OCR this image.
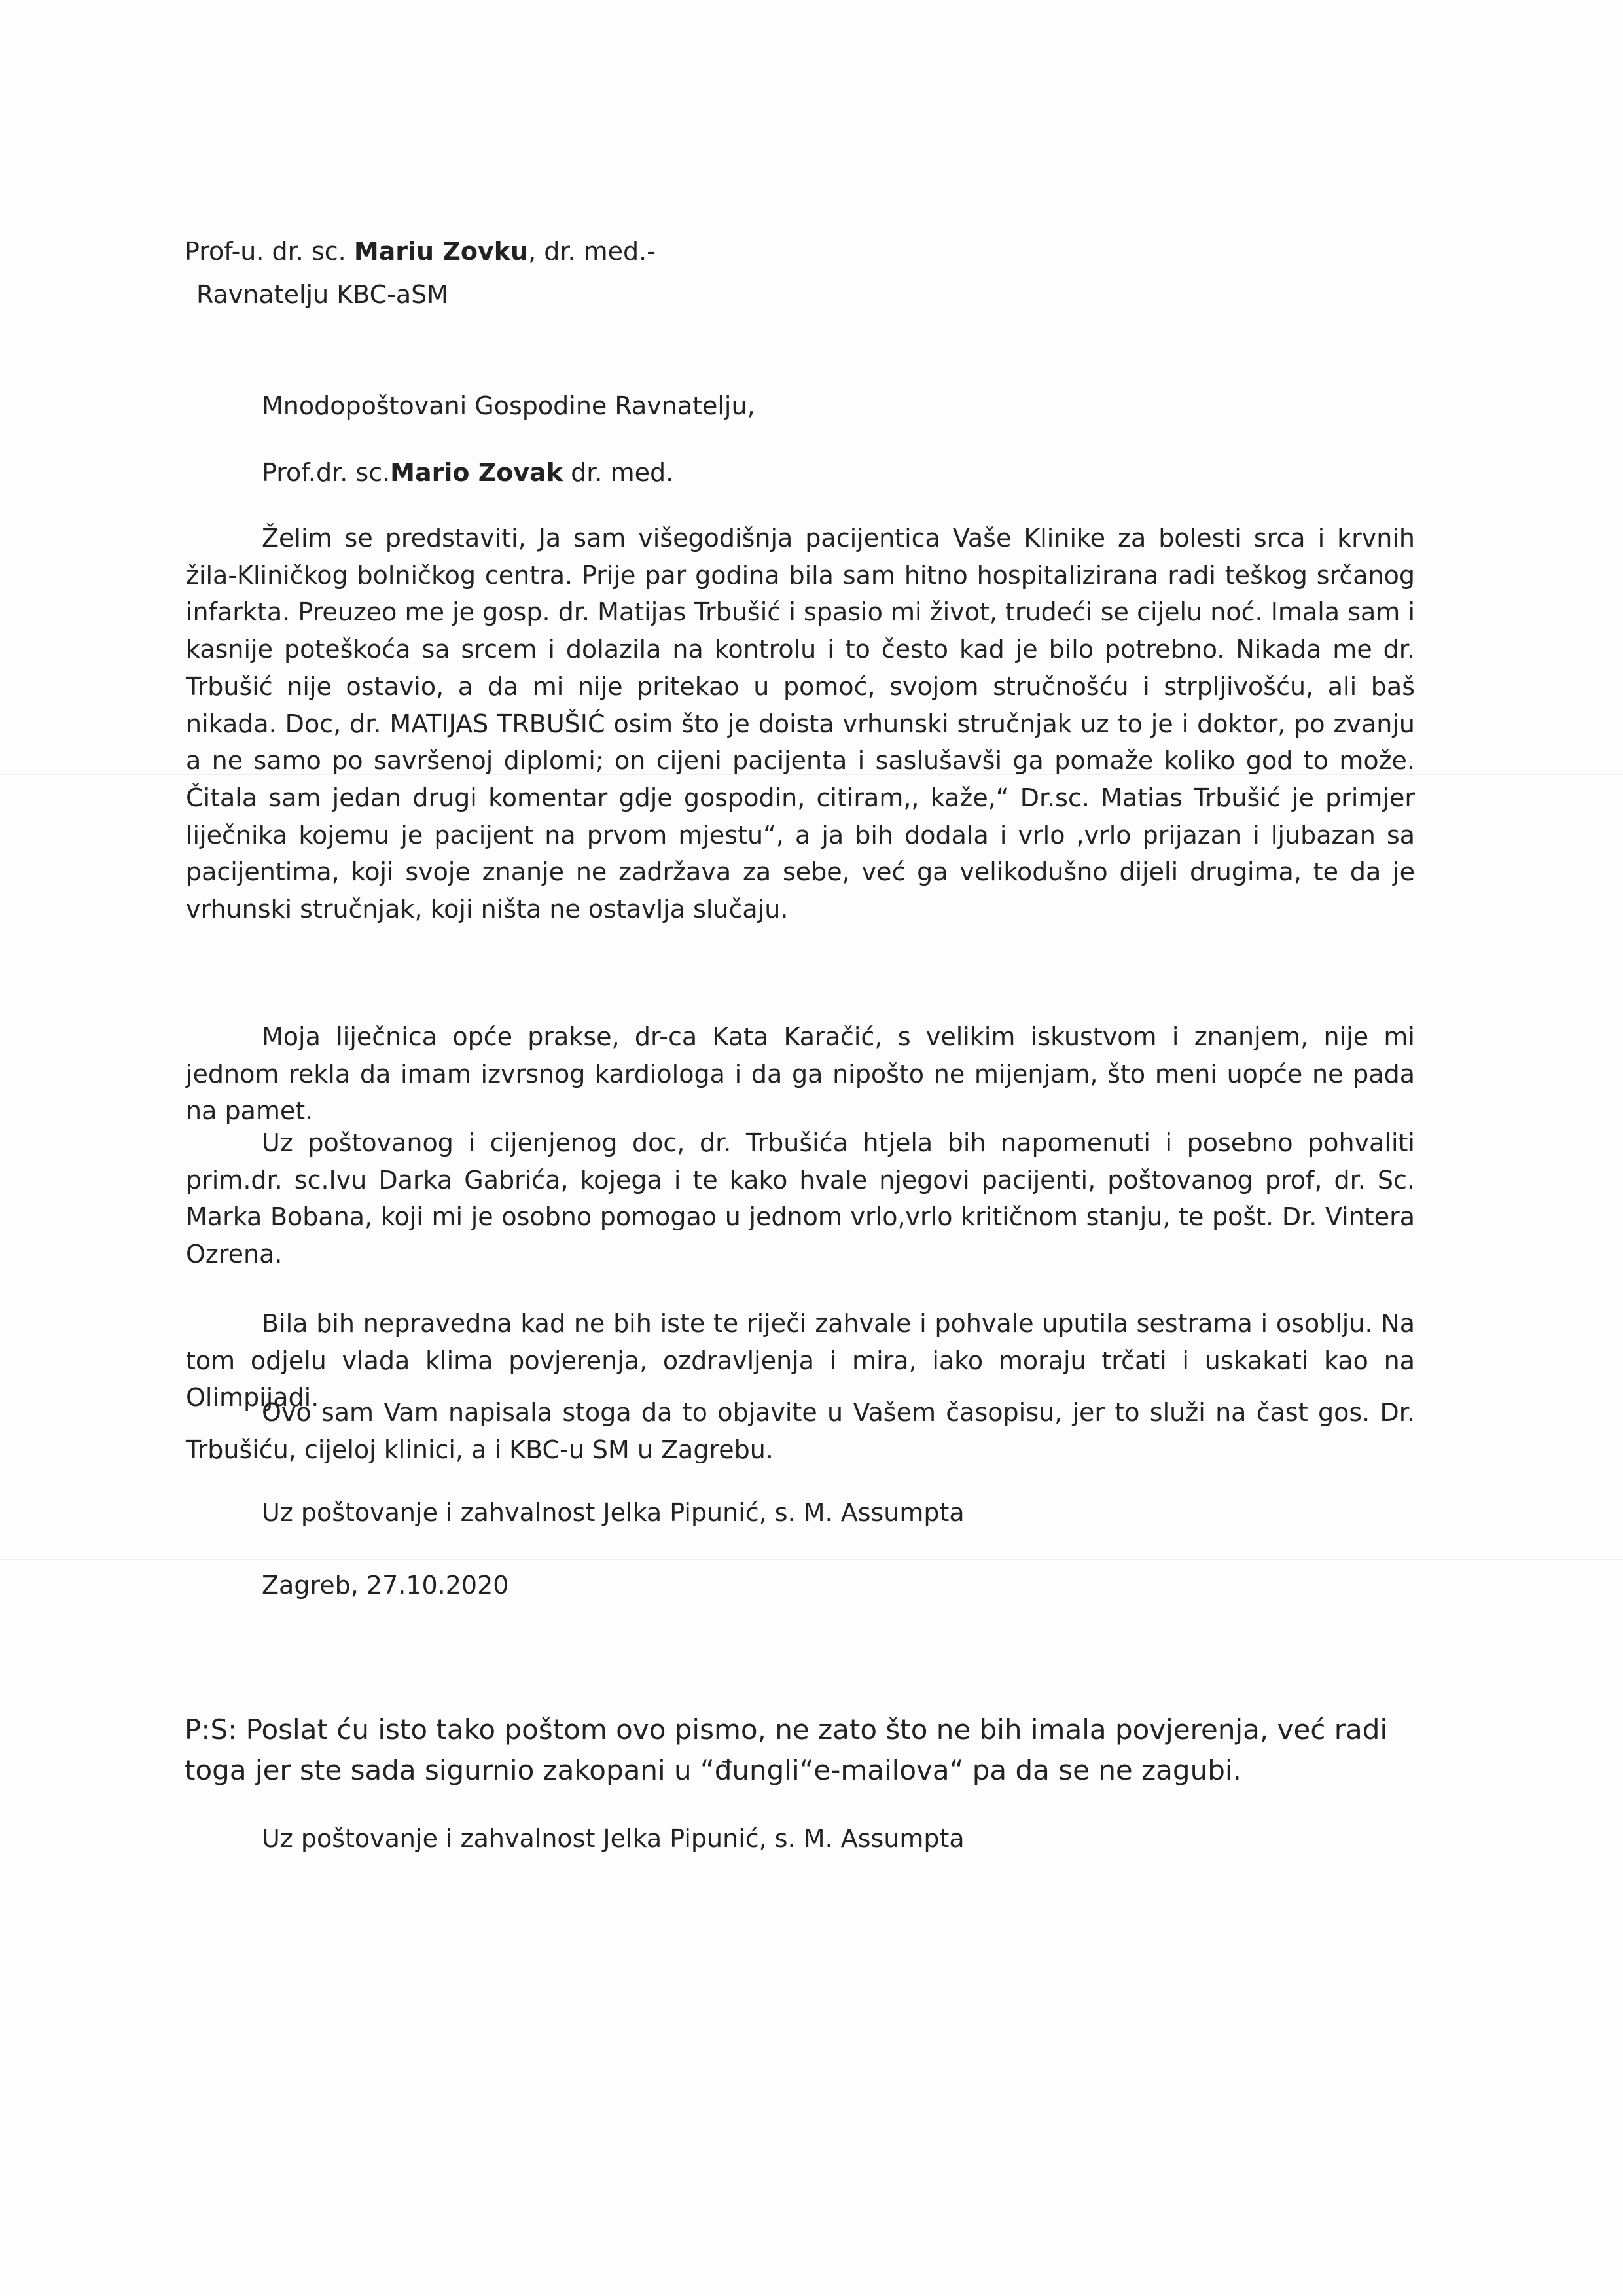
Prof-u. dr. sc. Mariu Zovku, dr. med.-
Ravnatelju KBC-aSM
Mnodopoštovani Gospodine Ravnatelju,
Prof.dr. sc.Mario Zovak dr. med.

Želim se predstaviti, Ja sam višegodišnja pacijentica Vaše Klinike za bolesti srca i krvnih žila-Kliničkog bolničkog centra. Prije par godina bila sam hitno hospitalizirana radi teškog srčanog infarkta. Preuzeo me je gosp. dr. Matijas Trbušić i spasio mi život, trudeći se cijelu noć. Imala sam i kasnije poteškoća sa srcem i dolazila na kontrolu i to često kad je bilo potrebno. Nikada me dr. Trbušić nije ostavio, a da mi nije pritekao u pomoć, svojom stručnošću i strpljivošću, ali baš nikada. Doc, dr. MATIJAS TRBUŠIĆ osim što je doista vrhunski stručnjak uz to je i doktor, po zvanju a ne samo po savršenoj diplomi; on cijeni pacijenta i saslušavši ga pomaže koliko god to može. Čitala sam jedan drugi komentar gdje gospodin, citiram,, kaže,“ Dr.sc. Matias Trbušić je primjer liječnika kojemu je pacijent na prvom mjestu“, a ja bih dodala i vrlo ,vrlo prijazan i ljubazan sa pacijentima, koji svoje znanje ne zadržava za sebe, već ga velikodušno dijeli drugima, te da je vrhunski stručnjak, koji ništa ne ostavlja slučaju.

Moja liječnica opće prakse, dr-ca Kata Karačić, s velikim iskustvom i znanjem, nije mi jednom rekla da imam izvrsnog kardiologa i da ga nipošto ne mijenjam, što meni uopće ne pada na pamet.

Uz poštovanog i cijenjenog doc, dr. Trbušića htjela bih napomenuti i posebno pohvaliti prim.dr. sc.Ivu Darka Gabrića, kojega i te kako hvale njegovi pacijenti, poštovanog prof, dr. Sc. Marka Bobana, koji mi je osobno pomogao u jednom vrlo,vrlo kritičnom stanju, te pošt. Dr. Vintera Ozrena.

Bila bih nepravedna kad ne bih iste te riječi zahvale i pohvale uputila sestrama i osoblju. Na tom odjelu vlada klima povjerenja, ozdravljenja i mira, iako moraju trčati i uskakati kao na Olimpijadi.

Ovo sam Vam napisala stoga da to objavite u Vašem časopisu, jer to služi na čast gos. Dr. Trbušiću, cijeloj klinici, a i KBC-u SM u Zagrebu.

Uz poštovanje i zahvalnost Jelka Pipunić, s. M. Assumpta
Zagreb, 27.10.2020

P:S: Poslat ću isto tako poštom ovo pismo, ne zato što ne bih imala povjerenja, već radi toga jer ste sada sigurnio zakopani u “đungli“e-mailova“ pa da se ne zagubi.

Uz poštovanje i zahvalnost Jelka Pipunić, s. M. Assumpta
